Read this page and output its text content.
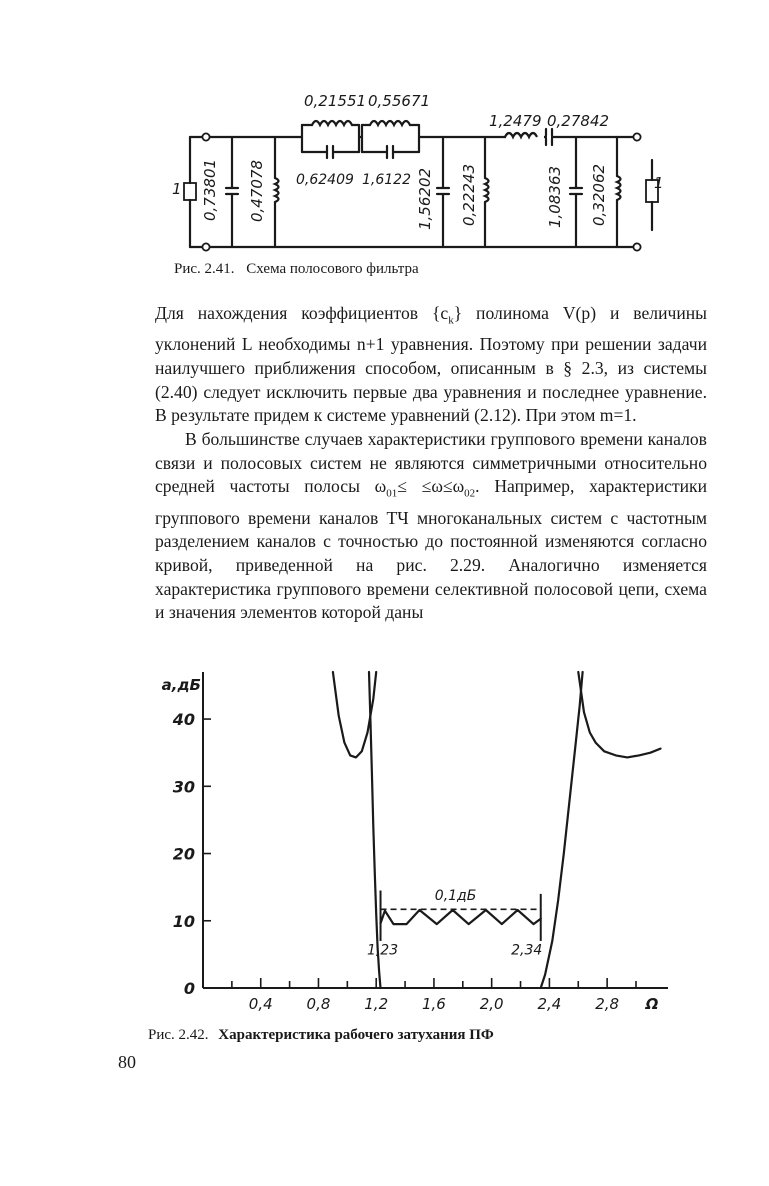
1 0,73801 0,47078
0,21551 0,55671
0,62409 1,6122 1,56202 0,22243
1,2479 0,27842
1,08363 0,32062	1
Рис. 2.41. Схема полосового фильтра

Для нахождения коэффициентов $\{c_k\}$ полинома V(p) и величины уклонений L необходимы n+1 уравнения. Поэтому при решении задачи наилучшего приближения способом, описанным в § 2.3, из системы (2.40) следует исключить первые два уравнения и последнее уравнение. В результате придем к системе уравнений (2.12). При этом m=1.

В большинстве случаев характеристики группового времени каналов связи и полосовых систем не являются симметричными относительно средней частоты полосы $\omega_{01}\le \le\omega\le\omega_{02}$. Например, характеристики группового времени каналов ТЧ многоканальных систем с частотным разделением каналов с точностью до постоянной изменяются согласно кривой, приведенной на рис. 2.29. Аналогично изменяется характеристика группового времени селективной полосовой цепи, схема и значения элементов которой даны

0,4 0,8 1,2 1,6 2,0 2,4 2,8 Ω
0
10
20
30
40
a,дБ
0,1дБ
1,23	2,34
Рис. 2.42. Характеристика рабочего затухания ПФ
80
